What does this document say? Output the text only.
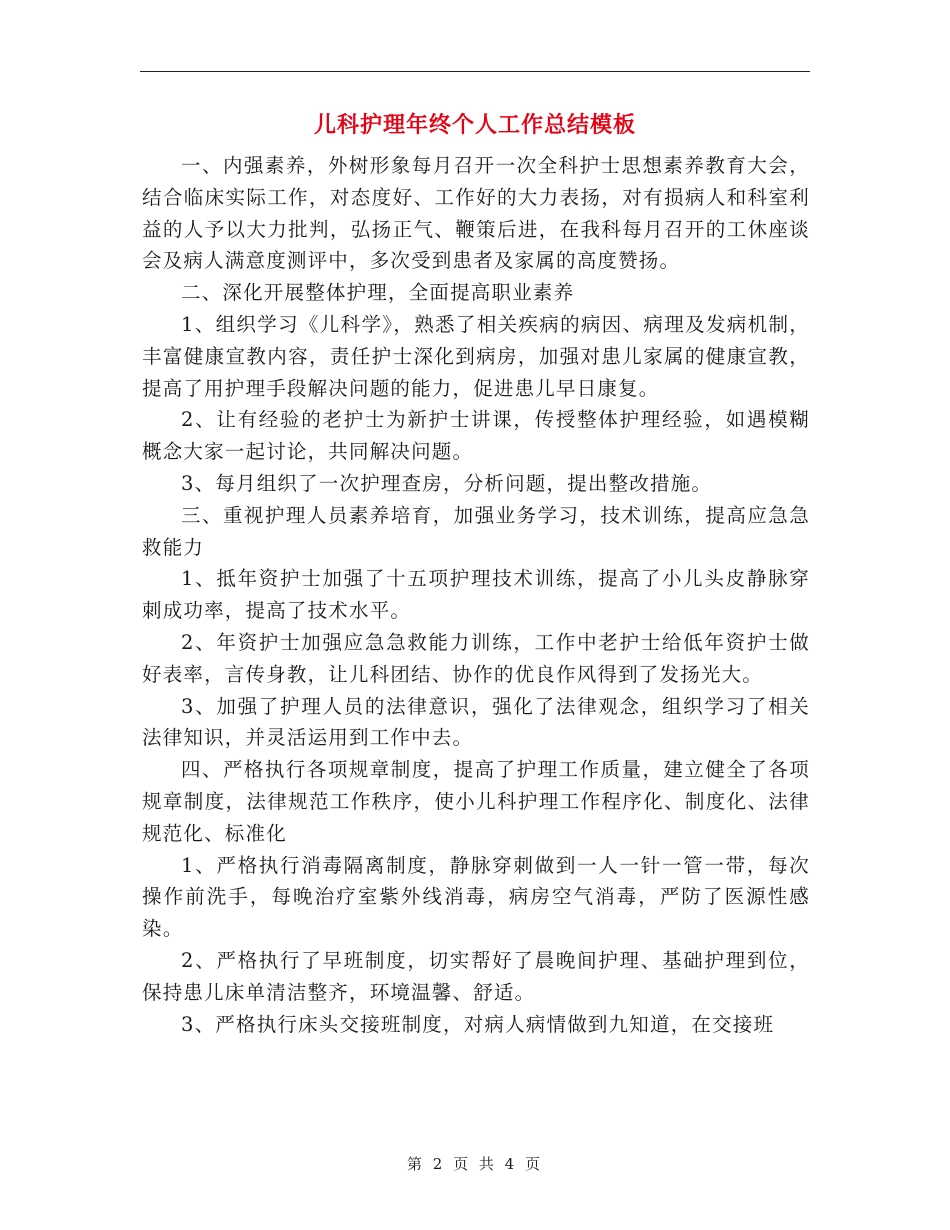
儿科护理年终个人工作总结模板

一、内强素养，外树形象每月召开一次全科护士思想素养教育大会，结合临床实际工作，对态度好、工作好的大力表扬，对有损病人和科室利益的人予以大力批判，弘扬正气、鞭策后进，在我科每月召开的工休座谈会及病人满意度测评中，多次受到患者及家属的高度赞扬。

二、深化开展整体护理，全面提高职业素养

1、组织学习《儿科学》，熟悉了相关疾病的病因、病理及发病机制，丰富健康宣教内容，责任护士深化到病房，加强对患儿家属的健康宣教，提高了用护理手段解决问题的能力，促进患儿早日康复。

2、让有经验的老护士为新护士讲课，传授整体护理经验，如遇模糊概念大家一起讨论，共同解决问题。

3、每月组织了一次护理查房，分析问题，提出整改措施。

三、重视护理人员素养培育，加强业务学习，技术训练，提高应急急救能力

1、抵年资护士加强了十五项护理技术训练，提高了小儿头皮静脉穿刺成功率，提高了技术水平。

2、年资护士加强应急急救能力训练，工作中老护士给低年资护士做好表率，言传身教，让儿科团结、协作的优良作风得到了发扬光大。

3、加强了护理人员的法律意识，强化了法律观念，组织学习了相关法律知识，并灵活运用到工作中去。

四、严格执行各项规章制度，提高了护理工作质量，建立健全了各项规章制度，法律规范工作秩序，使小儿科护理工作程序化、制度化、法律规范化、标准化

1、严格执行消毒隔离制度，静脉穿刺做到一人一针一管一带，每次操作前洗手，每晚治疗室紫外线消毒，病房空气消毒，严防了医源性感染。

2、严格执行了早班制度，切实帮好了晨晚间护理、基础护理到位，保持患儿床单清洁整齐，环境温馨、舒适。

3、严格执行床头交接班制度，对病人病情做到九知道，在交接班

第 2 页 共 4 页
